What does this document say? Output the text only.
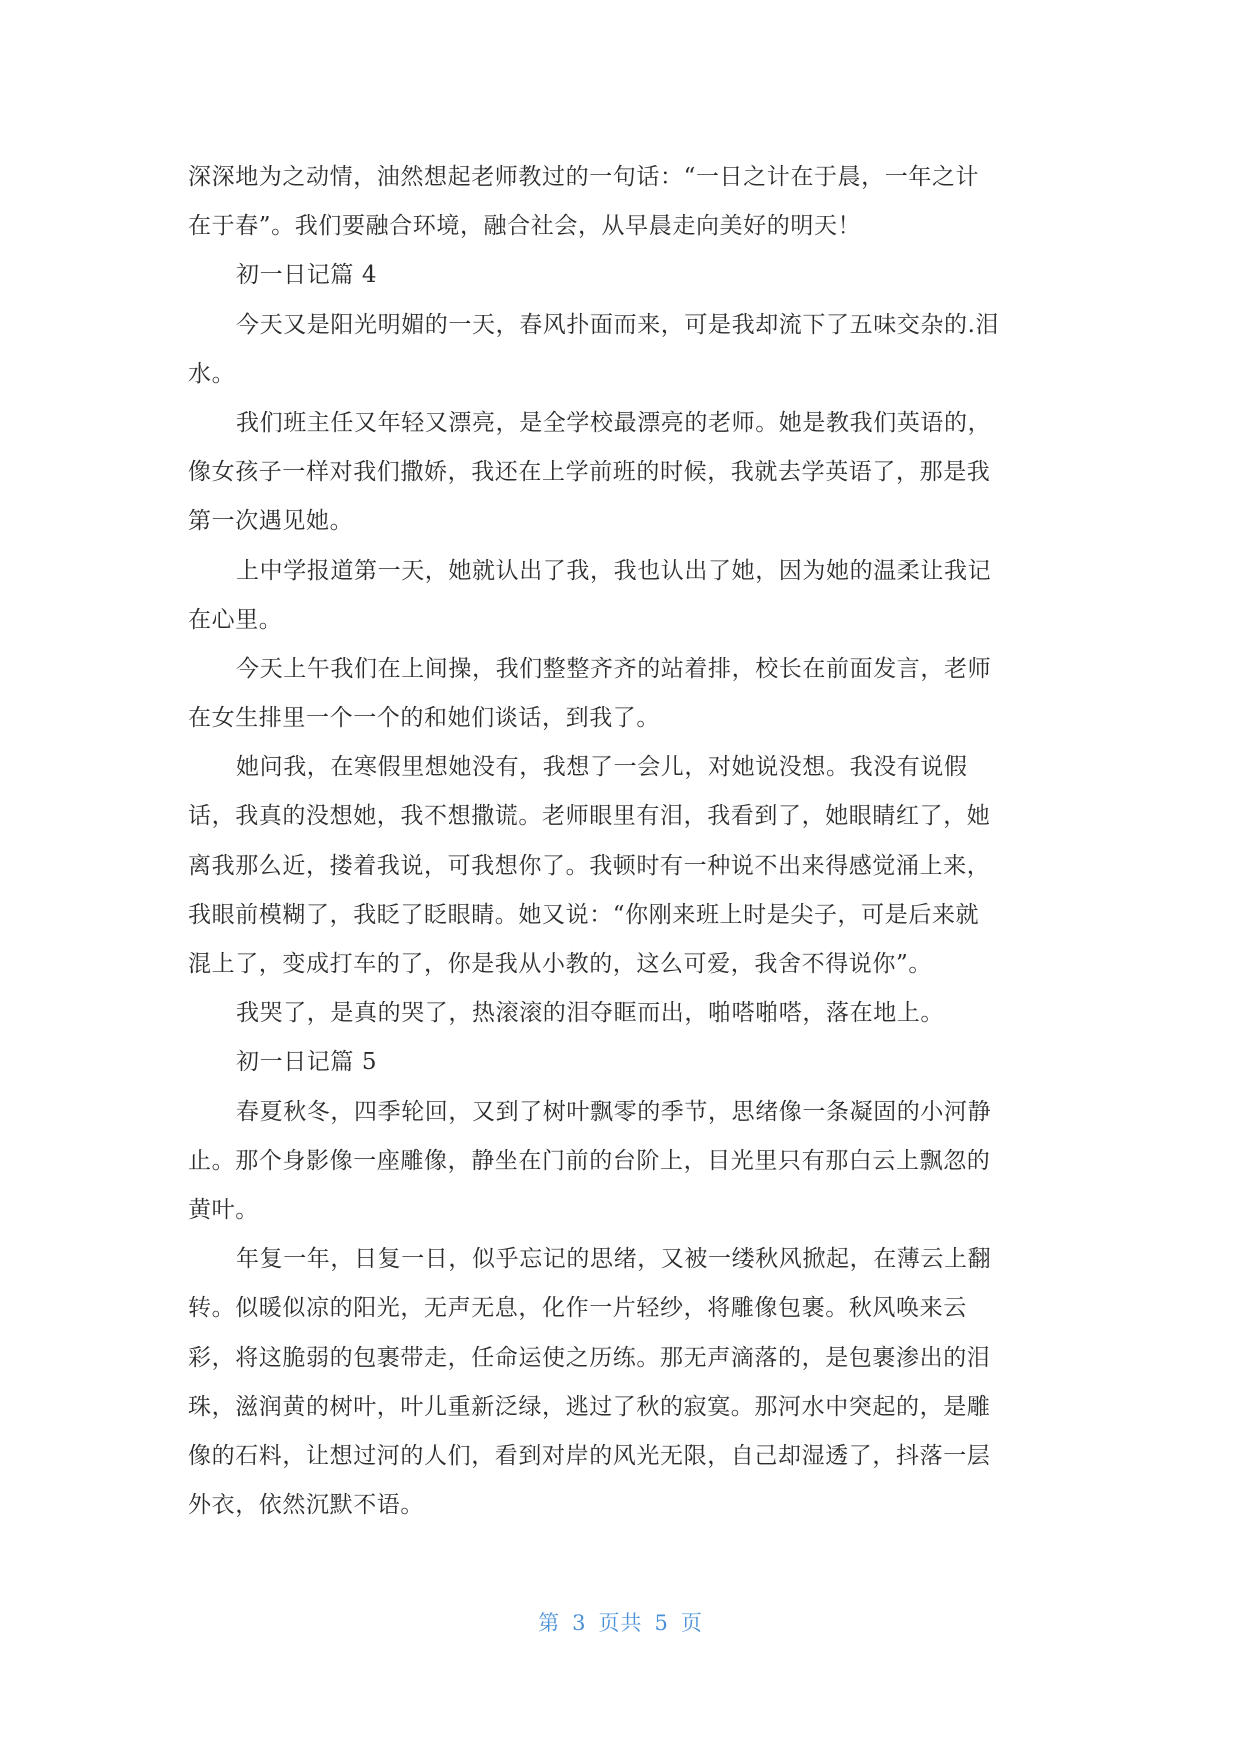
深深地为之动情，油然想起老师教过的一句话：“一日之计在于晨，一年之计
在于春”。我们要融合环境，融合社会，从早晨走向美好的明天！
初一日记篇 4
今天又是阳光明媚的一天，春风扑面而来，可是我却流下了五味交杂的.泪
水。
我们班主任又年轻又漂亮，是全学校最漂亮的老师。她是教我们英语的，
像女孩子一样对我们撒娇，我还在上学前班的时候，我就去学英语了，那是我
第一次遇见她。
上中学报道第一天，她就认出了我，我也认出了她，因为她的温柔让我记
在心里。
今天上午我们在上间操，我们整整齐齐的站着排，校长在前面发言，老师
在女生排里一个一个的和她们谈话，到我了。
她问我，在寒假里想她没有，我想了一会儿，对她说没想。我没有说假
话，我真的没想她，我不想撒谎。老师眼里有泪，我看到了，她眼睛红了，她
离我那么近，搂着我说，可我想你了。我顿时有一种说不出来得感觉涌上来，
我眼前模糊了，我眨了眨眼睛。她又说：“你刚来班上时是尖子，可是后来就
混上了，变成打车的了，你是我从小教的，这么可爱，我舍不得说你”。
我哭了，是真的哭了，热滚滚的泪夺眶而出，啪嗒啪嗒，落在地上。
初一日记篇 5
春夏秋冬，四季轮回，又到了树叶飘零的季节，思绪像一条凝固的小河静
止。那个身影像一座雕像，静坐在门前的台阶上，目光里只有那白云上飘忽的
黄叶。
年复一年，日复一日，似乎忘记的思绪，又被一缕秋风掀起，在薄云上翻
转。似暖似凉的阳光，无声无息，化作一片轻纱，将雕像包裹。秋风唤来云
彩，将这脆弱的包裹带走，任命运使之历练。那无声滴落的，是包裹渗出的泪
珠，滋润黄的树叶，叶儿重新泛绿，逃过了秋的寂寞。那河水中突起的，是雕
像的石料，让想过河的人们，看到对岸的风光无限，自己却湿透了，抖落一层
外衣，依然沉默不语。
第 3 页共 5 页
